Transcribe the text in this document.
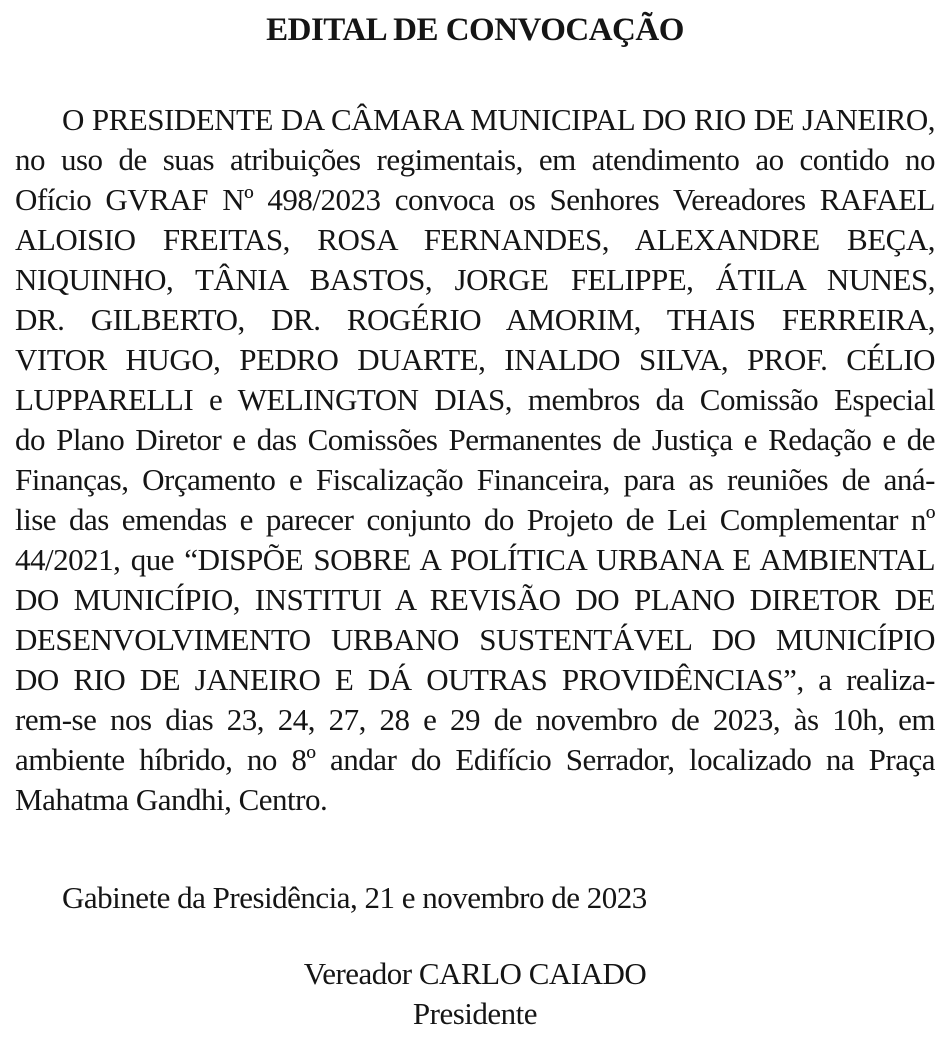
EDITAL DE CONVOCAÇÃO
O PRESIDENTE DA CÂMARA MUNICIPAL DO RIO DE JANEIRO,
no uso de suas atribuições regimentais, em atendimento ao contido no
Ofício GVRAF Nº 498/2023 convoca os Senhores Vereadores RAFAEL
ALOISIO FREITAS, ROSA FERNANDES, ALEXANDRE BEÇA,
NIQUINHO, TÂNIA BASTOS, JORGE FELIPPE, ÁTILA NUNES,
DR. GILBERTO, DR. ROGÉRIO AMORIM, THAIS FERREIRA,
VITOR HUGO, PEDRO DUARTE, INALDO SILVA, PROF. CÉLIO
LUPPARELLI e WELINGTON DIAS, membros da Comissão Especial
do Plano Diretor e das Comissões Permanentes de Justiça e Redação e de
Finanças, Orçamento e Fiscalização Financeira, para as reuniões de aná-
lise das emendas e parecer conjunto do Projeto de Lei Complementar nº
44/2021, que “DISPÕE SOBRE A POLÍTICA URBANA E AMBIENTAL
DO MUNICÍPIO, INSTITUI A REVISÃO DO PLANO DIRETOR DE
DESENVOLVIMENTO URBANO SUSTENTÁVEL DO MUNICÍPIO
DO RIO DE JANEIRO E DÁ OUTRAS PROVIDÊNCIAS”, a realiza-
rem-se nos dias 23, 24, 27, 28 e 29 de novembro de 2023, às 10h, em
ambiente híbrido, no 8º andar do Edifício Serrador, localizado na Praça
Mahatma Gandhi, Centro.
Gabinete da Presidência, 21 e novembro de 2023
Vereador CARLO CAIADO
Presidente
